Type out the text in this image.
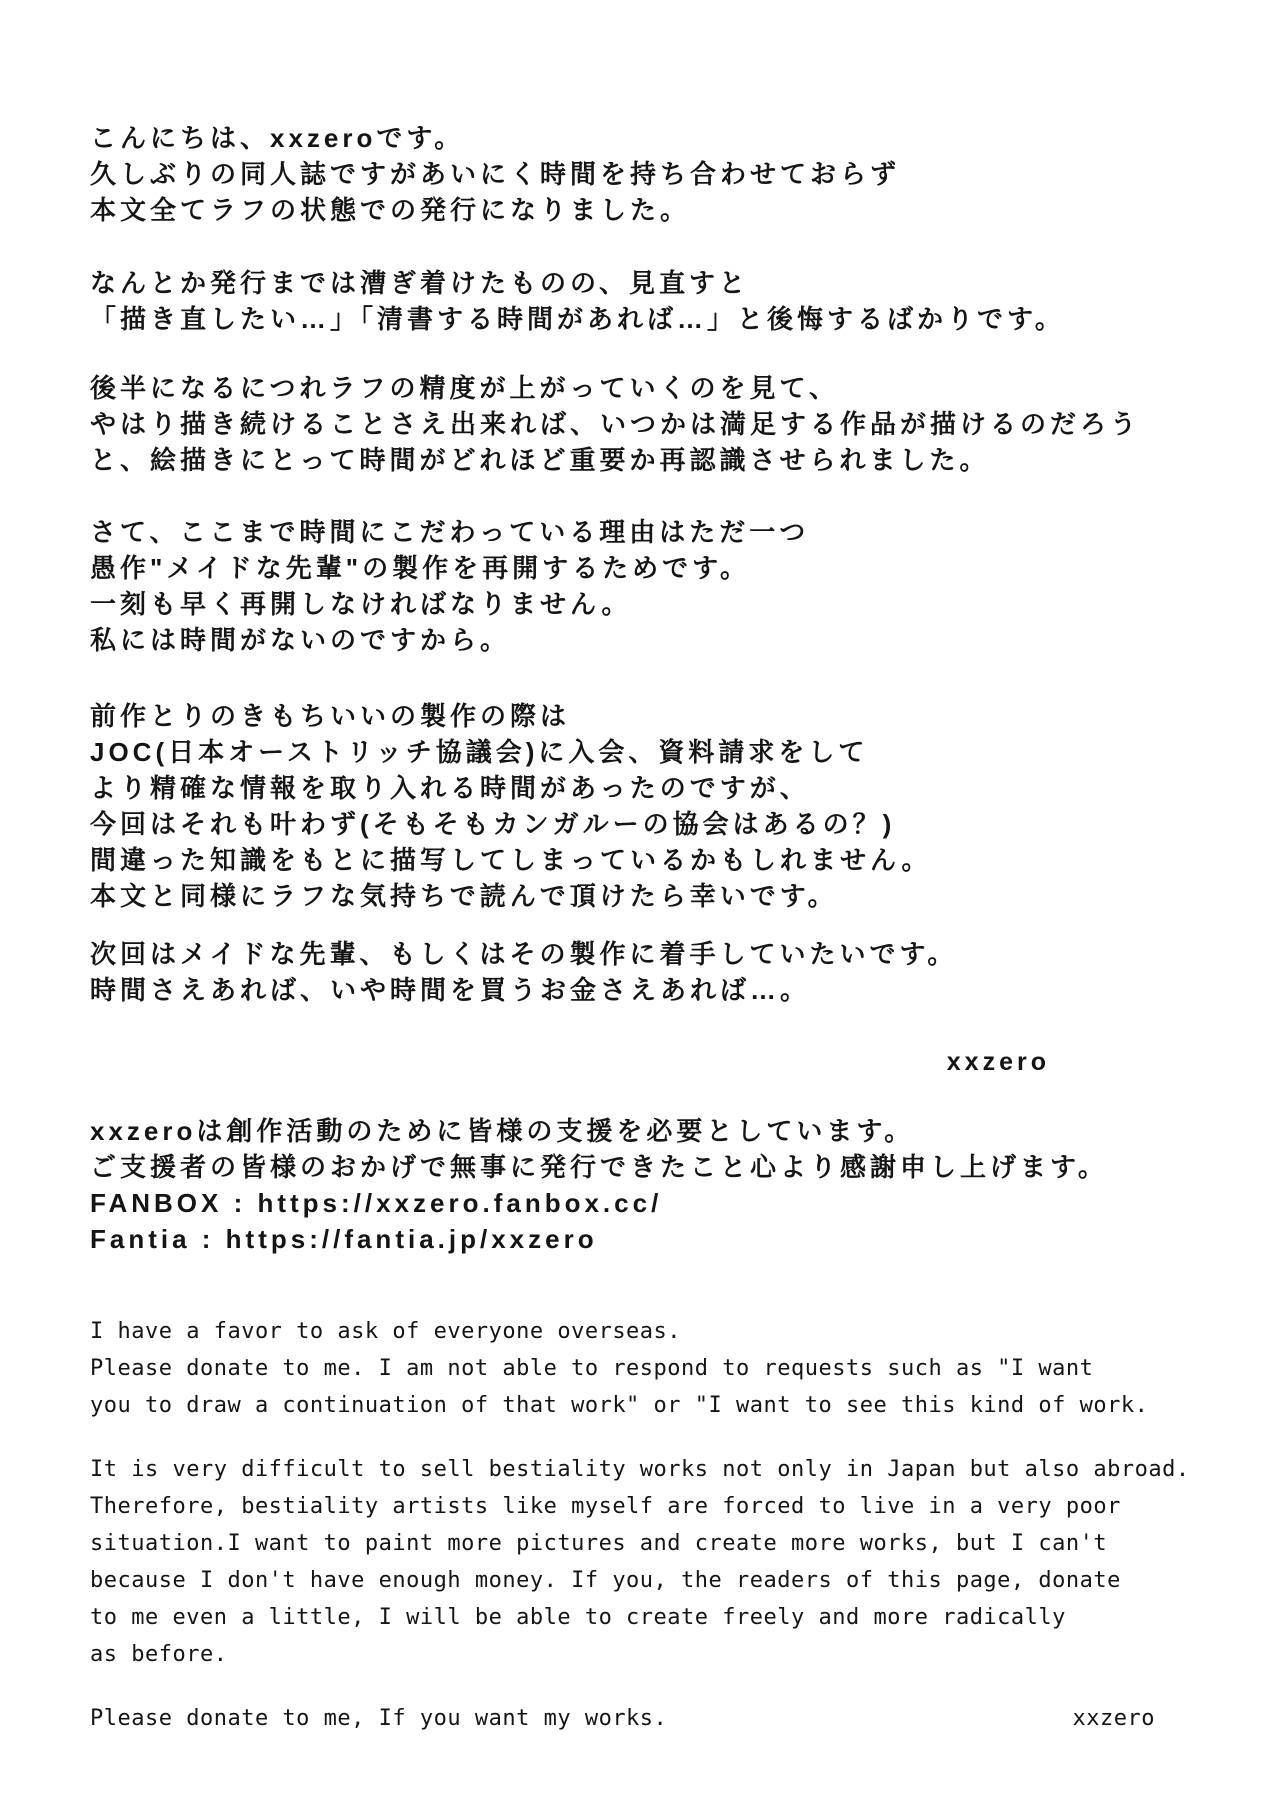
こんにちは、xxzeroです。
久しぶりの同人誌ですがあいにく時間を持ち合わせておらず
本文全てラフの状態での発行になりました。
なんとか発行までは漕ぎ着けたものの、見直すと
「描き直したい…」「清書する時間があれば…」と後悔するばかりです。
後半になるにつれラフの精度が上がっていくのを見て、
やはり描き続けることさえ出来れば、いつかは満足する作品が描けるのだろう
と、絵描きにとって時間がどれほど重要か再認識させられました。
さて、ここまで時間にこだわっている理由はただ一つ
愚作"メイドな先輩"の製作を再開するためです。
一刻も早く再開しなければなりません。
私には時間がないのですから。
前作とりのきもちいいの製作の際は
JOC(日本オーストリッチ協議会)に入会、資料請求をして
より精確な情報を取り入れる時間があったのですが、
今回はそれも叶わず(そもそもカンガルーの協会はあるの？)
間違った知識をもとに描写してしまっているかもしれません。
本文と同様にラフな気持ちで読んで頂けたら幸いです。
次回はメイドな先輩、もしくはその製作に着手していたいです。
時間さえあれば、いや時間を買うお金さえあれば…。
xxzero
xxzeroは創作活動のために皆様の支援を必要としています。
ご支援者の皆様のおかげで無事に発行できたこと心より感謝申し上げます。
FANBOX : https://xxzero.fanbox.cc/
Fantia : https://fantia.jp/xxzero
I have a favor to ask of everyone overseas.
Please donate to me. I am not able to respond to requests such as "I want
you to draw a continuation of that work" or "I want to see this kind of work.
It is very difficult to sell bestiality works not only in Japan but also abroad.
Therefore, bestiality artists like myself are forced to live in a very poor
situation.I want to paint more pictures and create more works, but I can't
because I don't have enough money. If you, the readers of this page, donate
to me even a little, I will be able to create freely and more radically
as before.
Please donate to me, If you want my works.	xxzero
